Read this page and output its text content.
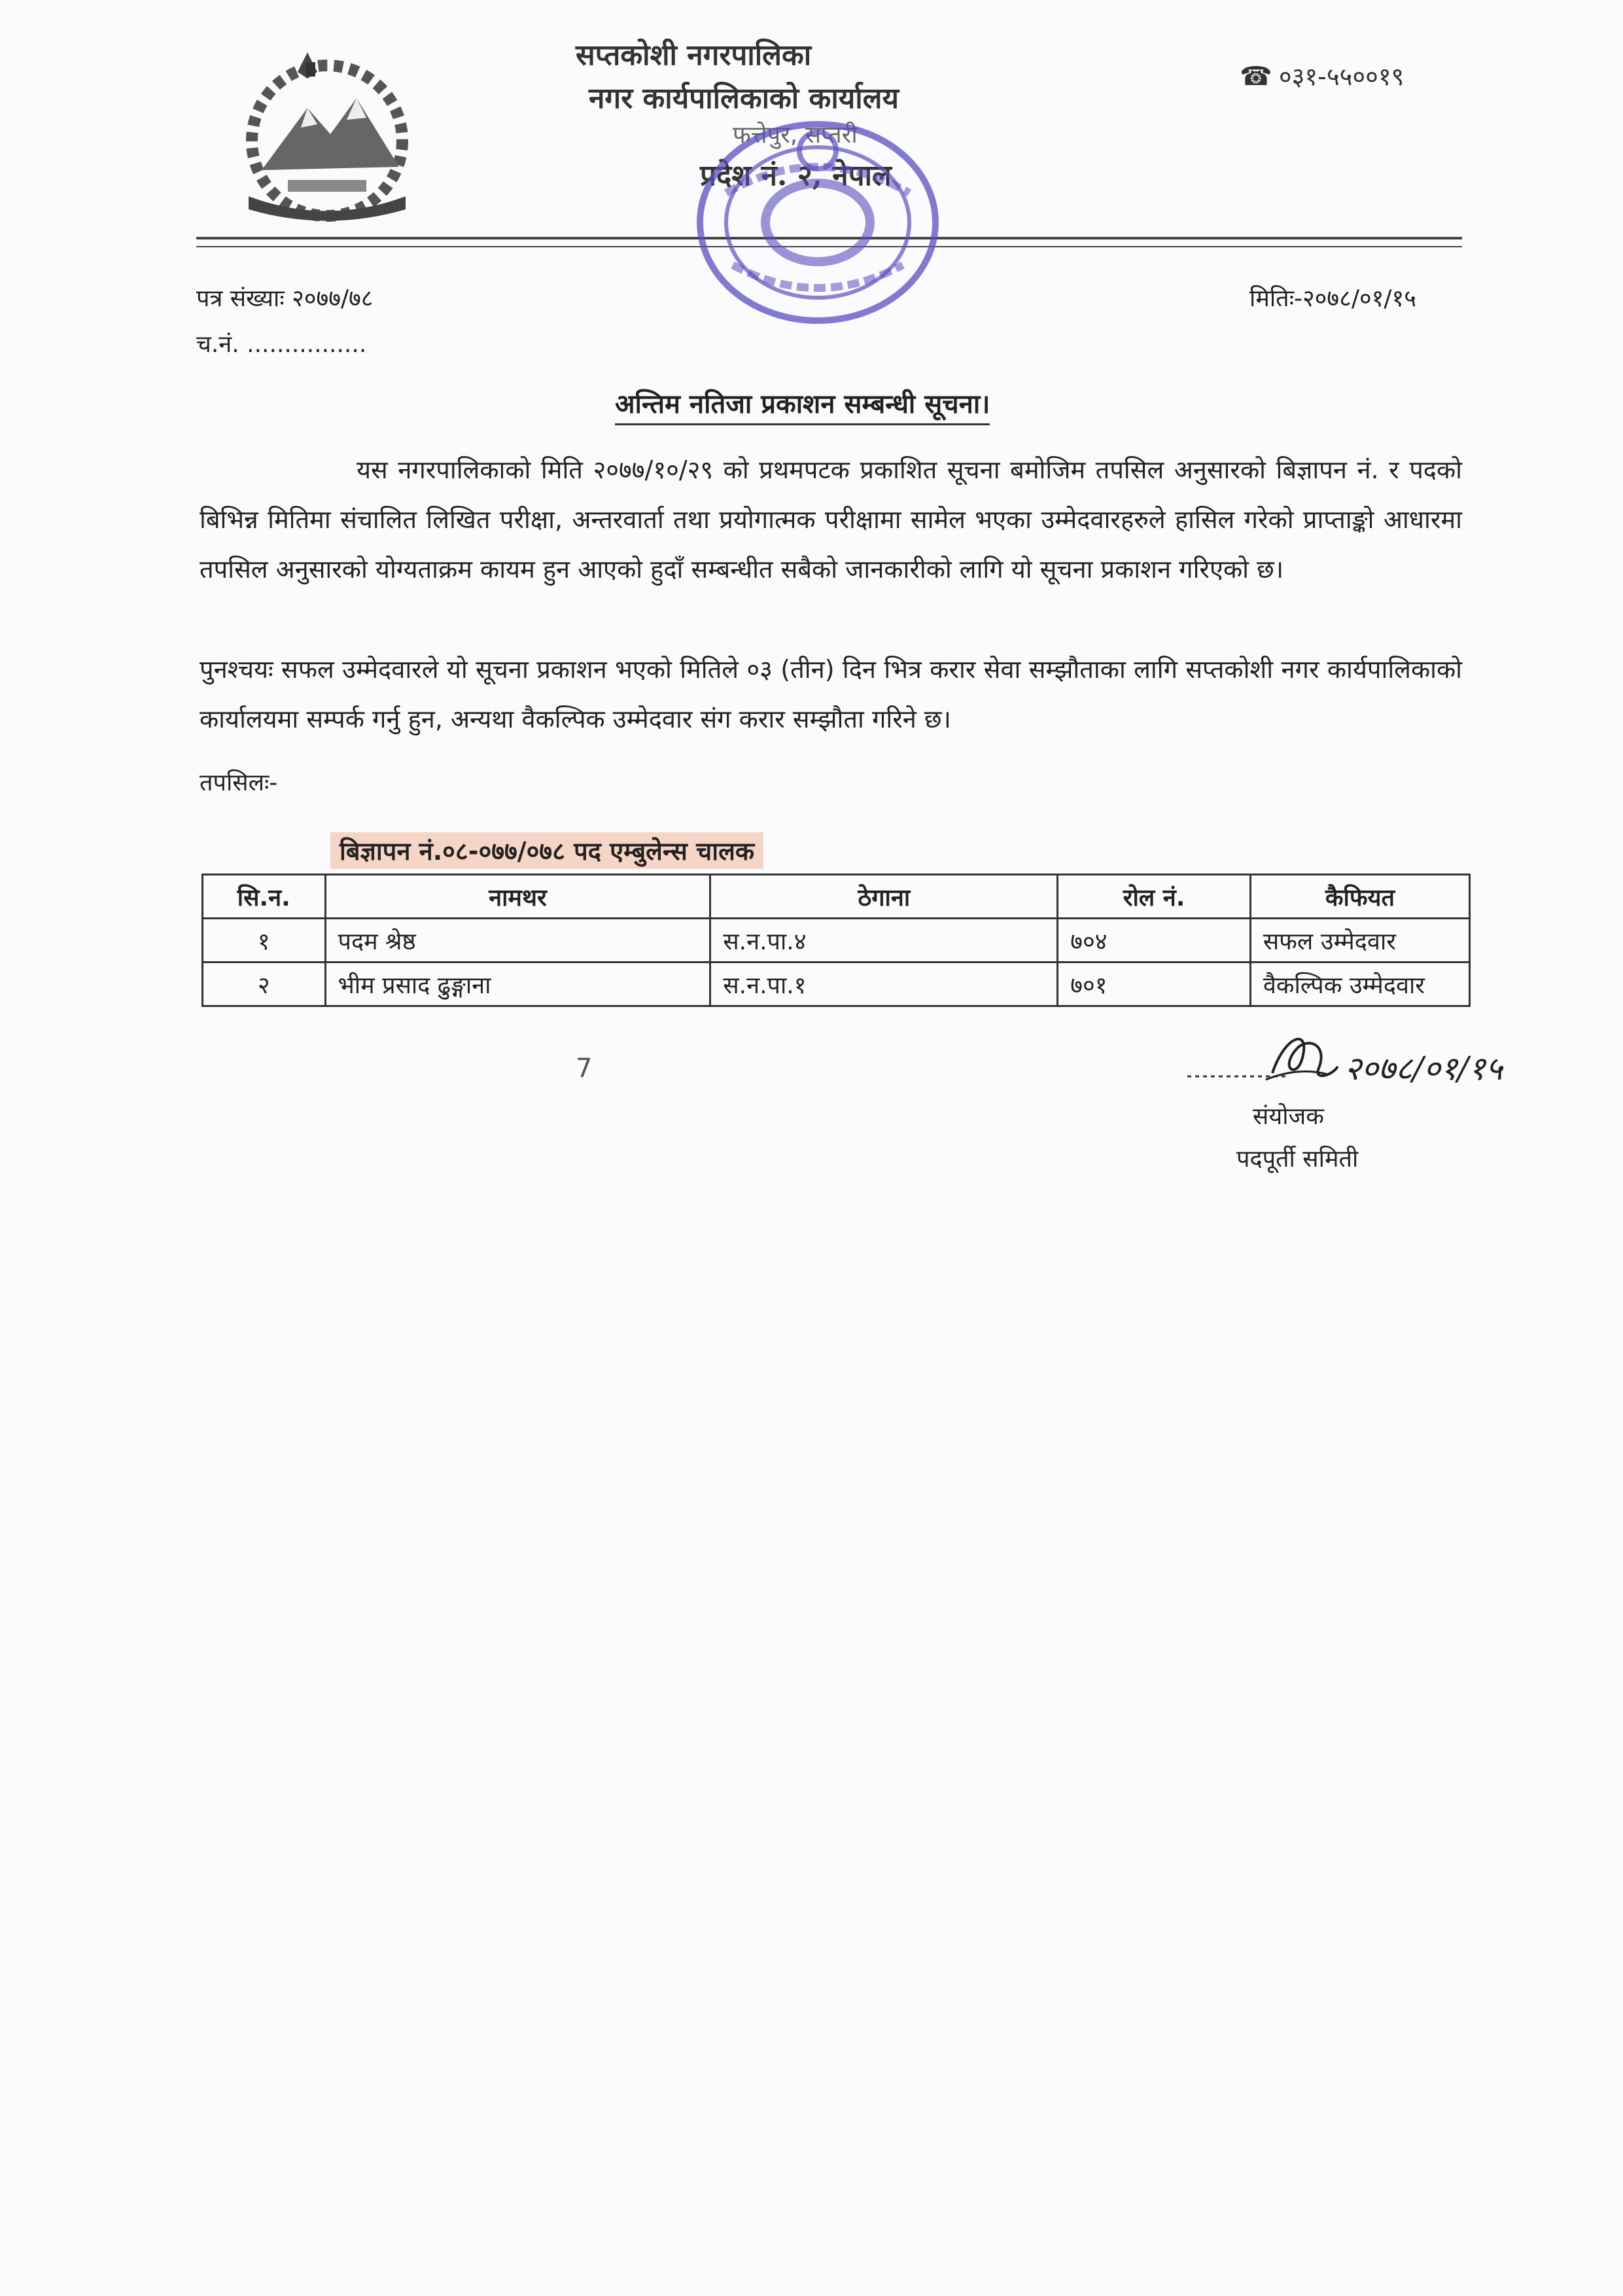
सप्तकोशी नगरपालिका
नगर कार्यपालिकाको कार्यालय
फत्तेपुर, सप्तरी
प्रदेश नं. २, नेपाल
☎ ०३१-५५००१९
पत्र संख्याः २०७७/७८	मितिः-२०७८/०१/१५
च.नं. ................
अन्तिम नतिजा प्रकाशन सम्बन्धी सूचना।
यस नगरपालिकाको मिति २०७७/१०/२९ को प्रथमपटक प्रकाशित सूचना बमोजिम तपसिल अनुसारको बिज्ञापन नं. र पदको बिभिन्न मितिमा संचालित लिखित परीक्षा, अन्तरवार्ता तथा प्रयोगात्मक परीक्षामा सामेल भएका उम्मेदवारहरुले हासिल गरेको प्राप्ताङ्को आधारमा तपसिल अनुसारको योग्यताक्रम कायम हुन आएको हुदाँ सम्बन्धीत सबैको जानकारीको लागि यो सूचना प्रकाशन गरिएको छ।
पुनश्चयः सफल उम्मेदवारले यो सूचना प्रकाशन भएको मितिले ०३ (तीन) दिन भित्र करार सेवा सम्झौताका लागि सप्तकोशी नगर कार्यपालिकाको कार्यालयमा सम्पर्क गर्नु हुन, अन्यथा वैकल्पिक उम्मेदवार संग करार सम्झौता गरिने छ।
तपसिलः-
बिज्ञापन नं.०८-०७७/०७८ पद एम्बुलेन्स चालक
सि.न.	नामथर	ठेगाना	रोल नं.	कैफियत
१	पदम श्रेष्ठ	स.न.पा.४	७०४	सफल उम्मेदवार
२	भीम प्रसाद ढुङ्गाना	स.न.पा.१	७०१	वैकल्पिक उम्मेदवार
7	२०७८/०१/१५
संयोजक
पदपूर्ती समिती
